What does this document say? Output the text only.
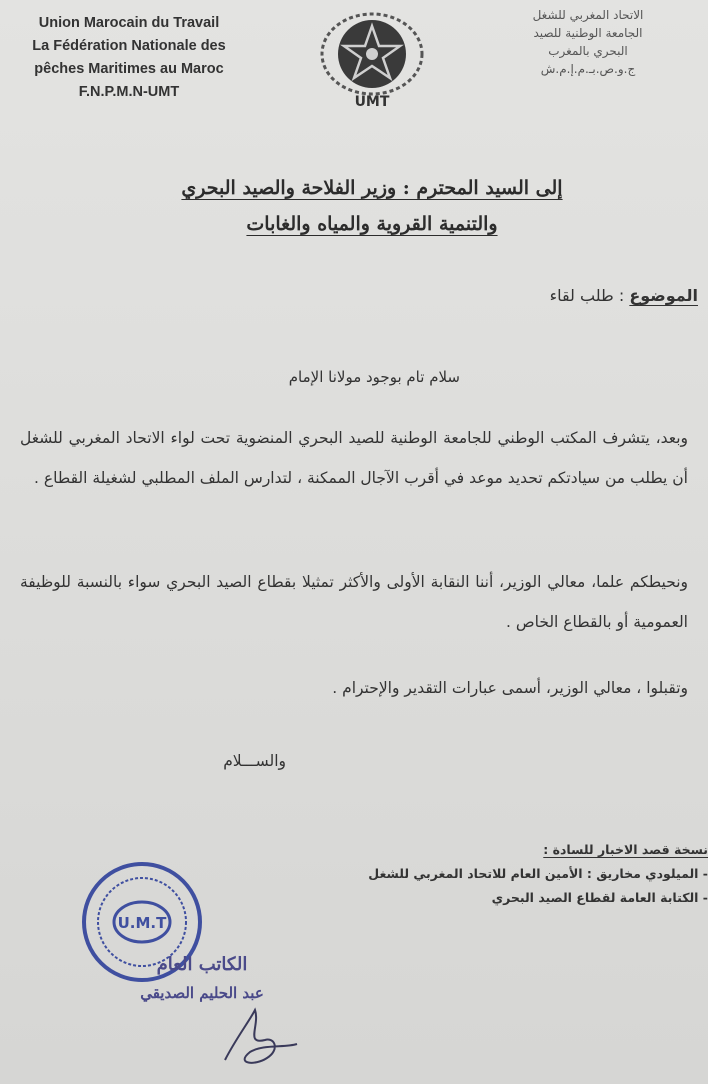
Union Marocain du Travail
La Fédération Nationale des
pêches Maritimes au Maroc
F.N.P.M.N-UMT
UMT
الاتحاد المغربي للشغل
الجامعة الوطنية للصيد
البحري بالمغرب
ج.و.ص.بـ.م.إ.م.ش
إلى السيد المحترم : وزير الفلاحة والصيد البحري
والتنمية القروية والمياه والغابات
الموضوع : طلب لقاء
سلام تام بوجود مولانا الإمام
وبعد، يتشرف المكتب الوطني للجامعة الوطنية للصيد البحري المنضوية تحت لواء الاتحاد المغربي للشغل أن يطلب من سيادتكم تحديد موعد في أقرب الآجال الممكنة ، لتدارس الملف المطلبي لشغيلة القطاع .
ونحيطكم علما، معالي الوزير، أننا النقابة الأولى والأكثر تمثيلا بقطاع الصيد البحري سواء بالنسبة للوظيفة العمومية أو بالقطاع الخاص .
وتقبلوا ، معالي الوزير، أسمى عبارات التقدير والإحترام .
والســـلام
نسخة قصد الاخبار للسادة :
- الميلودي مخاريق : الأمين العام للاتحاد المغربي للشغل
- الكتابة العامة لقطاع الصيد البحري
U.M.T
الكاتب العام
عبد الحليم الصديقي
